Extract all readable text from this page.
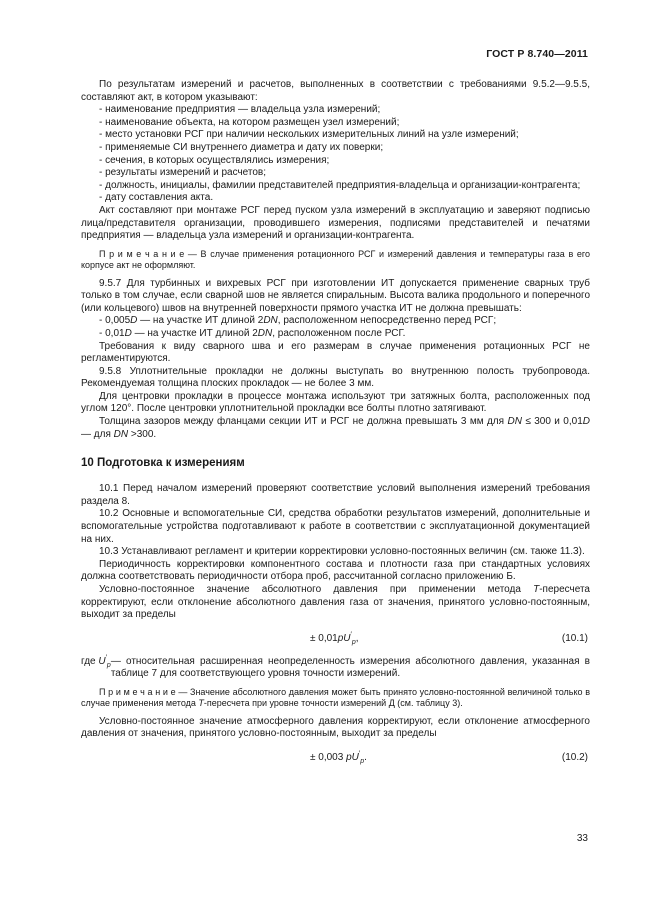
ГОСТ Р 8.740—2011

По результатам измерений и расчетов, выполненных в соответствии с требованиями 9.5.2—9.5.5, составляют акт, в котором указывают:

- наименование предприятия — владельца узла измерений;

- наименование объекта, на котором размещен узел измерений;

- место установки РСГ при наличии нескольких измерительных линий на узле измерений;

- применяемые СИ внутреннего диаметра и дату их поверки;

- сечения, в которых осуществлялись измерения;

- результаты измерений и расчетов;

- должность, инициалы, фамилии представителей предприятия-владельца и организации-контрагента;

- дату составления акта.

Акт составляют при монтаже РСГ перед пуском узла измерений в эксплуатацию и заверяют подписью лица/представителя организации, проводившего измерения, подписями представителей и печатями предприятия — владельца узла измерений и организации-контрагента.

П р и м е ч а н и е — В случае применения ротационного РСГ и измерений давления и температуры газа в его корпусе акт не оформляют.

9.5.7 Для турбинных и вихревых РСГ при изготовлении ИТ допускается применение сварных труб только в том случае, если сварной шов не является спиральным. Высота валика продольного и поперечного (или кольцевого) швов на внутренней поверхности прямого участка ИТ не должна превышать:

- 0,005D — на участке ИТ длиной 2DN, расположенном непосредственно перед РСГ;

- 0,01D — на участке ИТ длиной 2DN, расположенном после РСГ.

Требования к виду сварного шва и его размерам в случае применения ротационных РСГ не регламентируются.

9.5.8 Уплотнительные прокладки не должны выступать во внутреннюю полость трубопровода. Рекомендуемая толщина плоских прокладок — не более 3 мм.

Для центровки прокладки в процессе монтажа используют три затяжных болта, расположенных под углом 120°. После центровки уплотнительной прокладки все болты плотно затягивают.

Толщина зазоров между фланцами секции ИТ и РСГ не должна превышать 3 мм для DN ≤ 300 и 0,01D — для DN >300.

10 Подготовка к измерениям

10.1 Перед началом измерений проверяют соответствие условий выполнения измерений требования раздела 8.

10.2 Основные и вспомогательные СИ, средства обработки результатов измерений, дополнительные и вспомогательные устройства подготавливают к работе в соответствии с эксплуатационной документацией на них.

10.3 Устанавливают регламент и критерии корректировки условно-постоянных величин (см. также 11.3).

Периодичность корректировки компонентного состава и плотности газа при стандартных условиях должна соответствовать периодичности отбора проб, рассчитанной согласно приложению Б.

Условно-постоянное значение абсолютного давления при применении метода T-пересчета корректируют, если отклонение абсолютного давления газа от значения, принятого условно-постоянным, выходит за пределы

± $0,01pU'_p$,	(10.1)
где $U'_p$ — относительная расширенная неопределенность измерения абсолютного давления, указанная в таблице 7 для соответствующего уровня точности измерений.

П р и м е ч а н и е — Значение абсолютного давления может быть принято условно-постоянной величиной только в случае применения метода T-пересчета при уровне точности измерений Д (см. таблицу 3).

Условно-постоянное значение атмосферного давления корректируют, если отклонение атмосферного давления от значения, принятого условно-постоянным, выходит за пределы

± 0,003 $pU'_p$.	(10.2)
33
